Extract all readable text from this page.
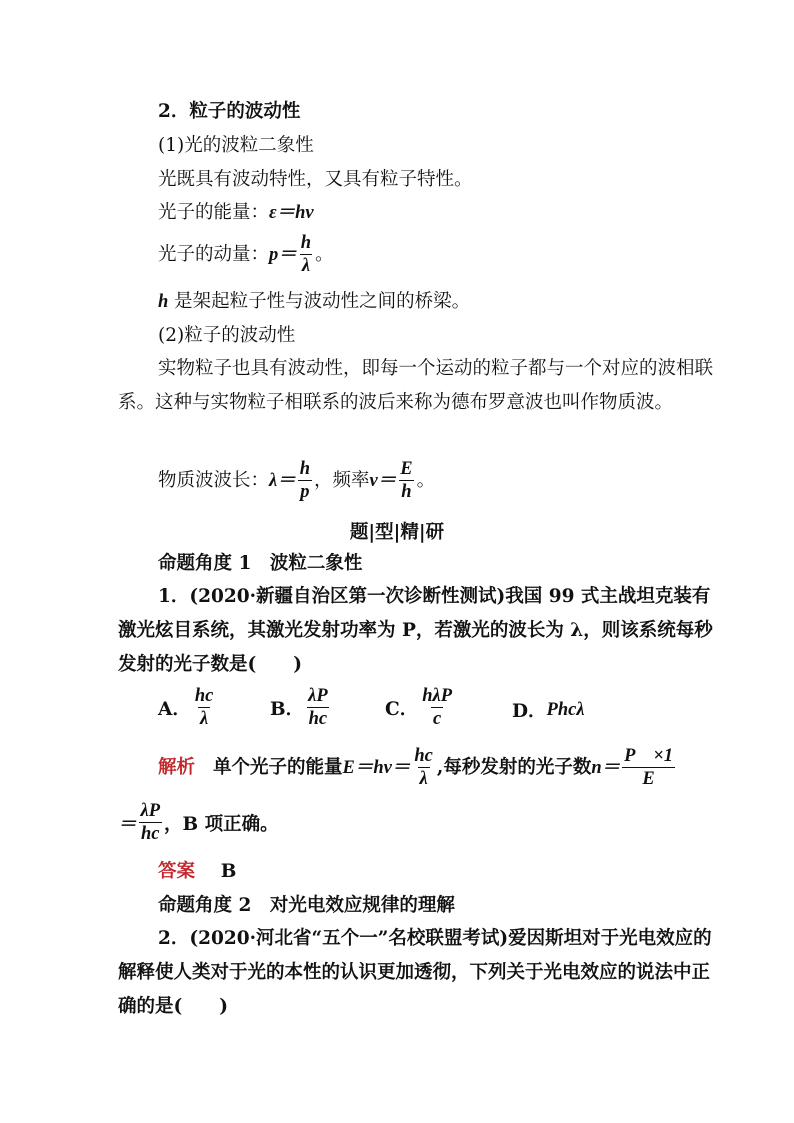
2．粒子的波动性
(1)光的波粒二象性
光既具有波动特性，又具有粒子特性。
光子的能量：ε＝hν
光子的动量： $p= \frac{h}{\lambda}$ 。
h 是架起粒子性与波动性之间的桥梁。
(2)粒子的波动性
实物粒子也具有波动性，即每一个运动的粒子都与一个对应的波相联系。这种与实物粒子相联系的波后来称为德布罗意波也叫作物质波。
物质波波长： $\lambda= \frac{h}{p}$ ，频率 $\nu= \frac{E}{h}$ 。
题|型|精|研
命题角度 1　波粒二象性
1．(2020·新疆自治区第一次诊断性测试)我国 99 式主战坦克装有激光炫目系统，其激光发射功率为 P，若激光的波长为 λ，则该系统每秒发射的光子数是(　　)
A． $\frac{hc}{\lambda}$	B． $\frac{\lambda P}{hc}$	C． $\frac{\text{hλP}}{c}$	D． Phcλ
解析 单个光子的能量 $E=h\nu= \frac{hc}{\lambda}$ ,每秒发射的光子数 $n= \frac{P \times 1}{E}$
＝ $\frac{\lambda P}{hc}$ ，B 项正确。
答案 B
命题角度 2　对光电效应规律的理解
2．(2020·河北省“五个一”名校联盟考试)爱因斯坦对于光电效应的解释使人类对于光的本性的认识更加透彻，下列关于光电效应的说法中正确的是(　　)
